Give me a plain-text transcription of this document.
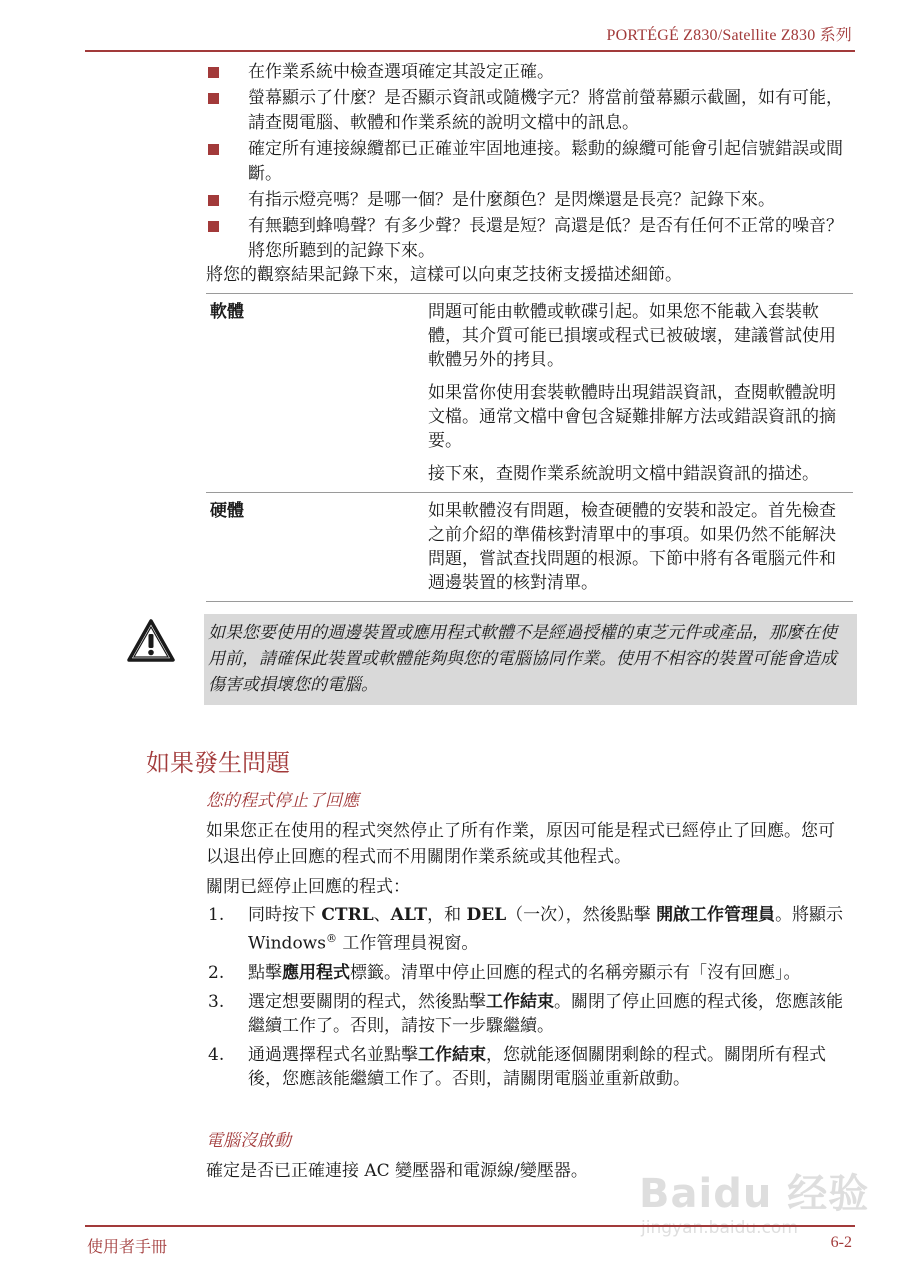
PORTÉGÉ Z830/Satellite Z830 系列
在作業系統中檢查選項確定其設定正確。
螢幕顯示了什麼？是否顯示資訊或隨機字元？將當前螢幕顯示截圖，如有可能，請查閱電腦、軟體和作業系統的說明文檔中的訊息。
確定所有連接線纜都已正確並牢固地連接。鬆動的線纜可能會引起信號錯誤或間斷。
有指示燈亮嗎？是哪一個？是什麼顏色？是閃爍還是長亮？記錄下來。
有無聽到蜂鳴聲？有多少聲？長還是短？高還是低？是否有任何不正常的噪音？將您所聽到的記錄下來。
將您的觀察結果記錄下來，這樣可以向東芝技術支援描述細節。
軟體	問題可能由軟體或軟碟引起。如果您不能載入套裝軟體，其介質可能已損壞或程式已被破壞，建議嘗試使用軟體另外的拷貝。
如果當你使用套裝軟體時出現錯誤資訊，查閱軟體說明文檔。通常文檔中會包含疑難排解方法或錯誤資訊的摘要。
接下來，查閱作業系統說明文檔中錯誤資訊的描述。
硬體	如果軟體沒有問題，檢查硬體的安裝和設定。首先檢查之前介紹的準備核對清單中的事項。如果仍然不能解決問題，嘗試查找問題的根源。下節中將有各電腦元件和週邊裝置的核對清單。
如果您要使用的週邊裝置或應用程式軟體不是經過授權的東芝元件或產品，那麼在使用前，請確保此裝置或軟體能夠與您的電腦協同作業。使用不相容的裝置可能會造成傷害或損壞您的電腦。
如果發生問題
您的程式停止了回應
如果您正在使用的程式突然停止了所有作業，原因可能是程式已經停止了回應。您可以退出停止回應的程式而不用關閉作業系統或其他程式。
關閉已經停止回應的程式：
1. 同時按下 CTRL、ALT，和 DEL（一次），然後點擊 開啟工作管理員。將顯示 Windows® 工作管理員視窗。
2. 點擊應用程式標籤。清單中停止回應的程式的名稱旁顯示有「沒有回應」。
3. 選定想要關閉的程式，然後點擊工作結束。關閉了停止回應的程式後，您應該能繼續工作了。否則，請按下一步驟繼續。
4. 通過選擇程式名並點擊工作結束，您就能逐個關閉剩餘的程式。關閉所有程式後，您應該能繼續工作了。否則，請關閉電腦並重新啟動。
電腦沒啟動
確定是否已正確連接 AC 變壓器和電源線/變壓器。	Baidu 经验
jingyan.baidu.com
使用者手冊	6-2
